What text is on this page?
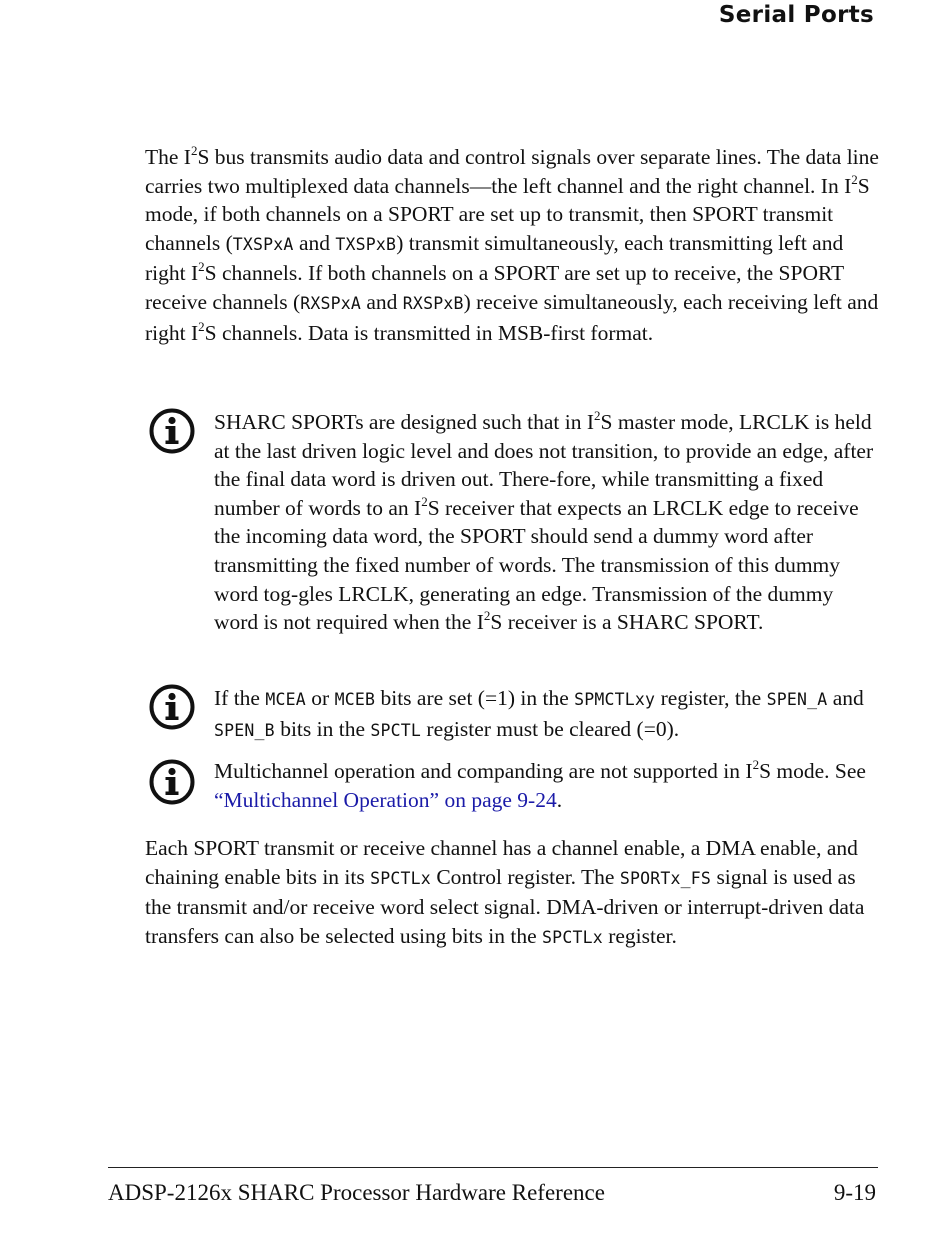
Serial Ports
The $I^2S$ bus transmits audio data and control signals over separate lines. The data line carries two multiplexed data channels—the left channel and the right channel. In $I^2S$ mode, if both channels on a SPORT are set up to transmit, then SPORT transmit channels (TXSPxA and TXSPxB) transmit simultaneously, each transmitting left and right $I^2S$ channels. If both channels on a SPORT are set up to receive, the SPORT receive channels (RXSPxA and RXSPxB) receive simultaneously, each receiving left and right $I^2S$ channels. Data is transmitted in MSB-first format.
SHARC SPORTs are designed such that in $I^2S$ master mode, LRCLK is held at the last driven logic level and does not transition, to provide an edge, after the final data word is driven out. There-fore, while transmitting a fixed number of words to an $I^2S$ receiver that expects an LRCLK edge to receive the incoming data word, the SPORT should send a dummy word after transmitting the fixed number of words. The transmission of this dummy word tog-gles LRCLK, generating an edge. Transmission of the dummy word is not required when the $I^2S$ receiver is a SHARC SPORT.
If the MCEA or MCEB bits are set (=1) in the SPMCTLxy register, the SPEN_A and SPEN_B bits in the SPCTL register must be cleared (=0).
Multichannel operation and companding are not supported in $I^2S$ mode. See “Multichannel Operation” on page 9-24.
Each SPORT transmit or receive channel has a channel enable, a DMA enable, and chaining enable bits in its SPCTLx Control register. The SPORTx_FS signal is used as the transmit and/or receive word select signal. DMA-driven or interrupt-driven data transfers can also be selected using bits in the SPCTLx register.
ADSP-2126x SHARC Processor Hardware Reference	9-19
